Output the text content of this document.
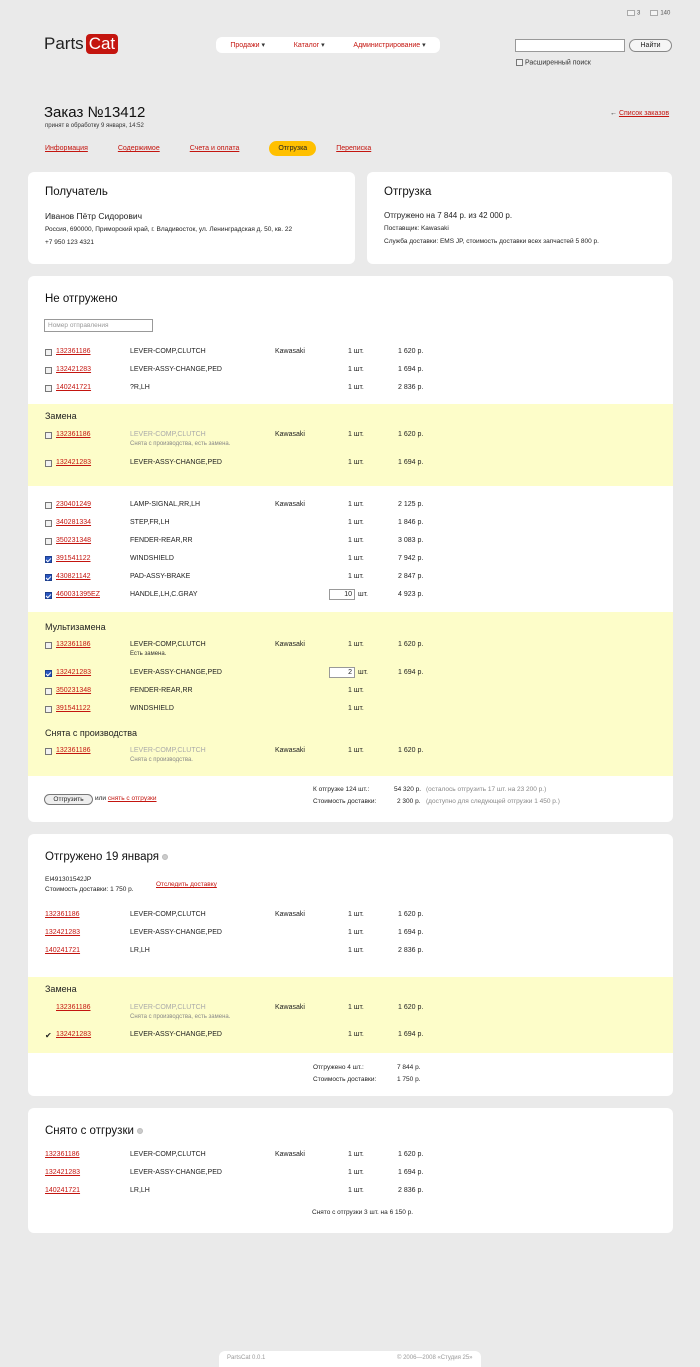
3	140
Parts Cat	Продажи ▾	Каталог ▾	Администрирование ▾	Найти
Расширенный поиск
Заказ №13412
принят в обработку 9 января, 14:52
← Список заказов
Информация	Содержимое	Счета и оплата	Отгрузка	Переписка
Получатель
Иванов Пётр Сидорович
Россия, 690000, Приморский край, г. Владивосток, ул. Ленинградская д. 50, кв. 22
+7 950 123 4321
Отгрузка
Отгружено на 7 844 р. из 42 000 р.
Поставщик: Kawasaki
Служба доставки: EMS JP, стоимость доставки всех запчастей 5 800 р.
Не отгружено
Номер отправления
132361186	LEVER-COMP,CLUTCH	Kawasaki	1 шт.	1 620 р.
132421283	LEVER-ASSY-CHANGE,PED	1 шт.	1 694 р.
140241721	?R,LH	1 шт.	2 836 р.
Замена
132361186	LEVER-COMP,CLUTCH	Kawasaki	1 шт.	1 620 р.
Снята с производства, есть замена.
132421283	LEVER-ASSY-CHANGE,PED	1 шт.	1 694 р.
230401249	LAMP-SIGNAL,RR,LH	Kawasaki	1 шт.	2 125 р.
340281334	STEP,FR,LH	1 шт.	1 846 р.
350231348	FENDER-REAR,RR	1 шт.	3 083 р.
391541122	WINDSHIELD	1 шт.	7 942 р.
430821142	PAD-ASSY-BRAKE	1 шт.	2 847 р.
460031395EZ	HANDLE,LH,C.GRAY	10 шт.	4 923 р.
Мультизамена
132361186	LEVER-COMP,CLUTCH	Kawasaki	1 шт.	1 620 р.
Есть замена.
132421283	LEVER-ASSY-CHANGE,PED	2 шт.	1 694 р.
350231348	FENDER-REAR,RR	1 шт.
391541122	WINDSHIELD	1 шт.
Снята с производства
132361186	LEVER-COMP,CLUTCH	Kawasaki	1 шт.	1 620 р.
Снята с производства.
Отгрузить	или снять с отгрузки
К отгрузке 124 шт.:	54 320 р. (осталось отгрузить 17 шт. на 23 200 р.)
Стоимость доставки:	2 300 р. (доступно для следующей отгрузки 1 450 р.)
Отгружено 19 января
EI491301542JP
Стоимость доставки: 1 750 р.
Отследить доставку
132361186	LEVER-COMP,CLUTCH	Kawasaki	1 шт.	1 620 р.
132421283	LEVER-ASSY-CHANGE,PED	1 шт.	1 694 р.
140241721	LR,LH	1 шт.	2 836 р.
Замена
132361186	LEVER-COMP,CLUTCH	Kawasaki	1 шт.	1 620 р.
Снята с производства, есть замена.
✔ 132421283	LEVER-ASSY-CHANGE,PED	1 шт.	1 694 р.
Отгружено 4 шт.:	7 844 р.
Стоимость доставки:	1 750 р.
Снято с отгрузки
132361186	LEVER-COMP,CLUTCH	Kawasaki	1 шт.	1 620 р.
132421283	LEVER-ASSY-CHANGE,PED	1 шт.	1 694 р.
140241721	LR,LH	1 шт.	2 836 р.
Снято с отгрузки 3 шт. на 6 150 р.
PartsCat 0.0.1	© 2006—2008 «Студия 25»
